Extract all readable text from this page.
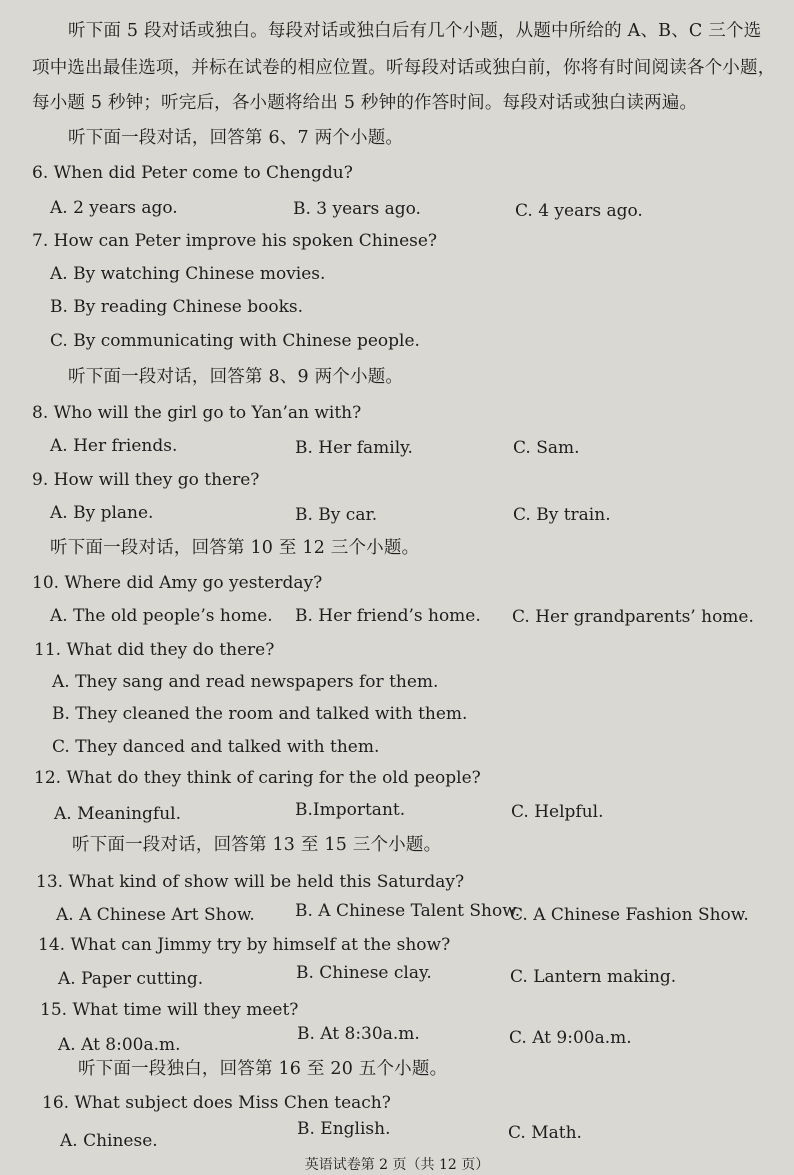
听下面 5 段对话或独白。每段对话或独白后有几个小题，从题中所给的 A、B、C 三个选
项中选出最佳选项，并标在试卷的相应位置。听每段对话或独白前，你将有时间阅读各个小题，
每小题 5 秒钟；听完后，各小题将给出 5 秒钟的作答时间。每段对话或独白读两遍。
听下面一段对话，回答第 6、7 两个小题。
6. When did Peter come to Chengdu?
A. 2 years ago.	B. 3 years ago.	C. 4 years ago.
7. How can Peter improve his spoken Chinese?
A. By watching Chinese movies.
B. By reading Chinese books.
C. By communicating with Chinese people.
听下面一段对话，回答第 8、9 两个小题。
8. Who will the girl go to Yan’an with?
A. Her friends.	B. Her family.	C. Sam.
9. How will they go there?
A. By plane.	B. By car.	C. By train.
听下面一段对话，回答第 10 至 12 三个小题。
10. Where did Amy go yesterday?
A. The old people’s home. B. Her friend’s home. C. Her grandparents’ home.
11. What did they do there?
A. They sang and read newspapers for them.
B. They cleaned the room and talked with them.
C. They danced and talked with them.
12. What do they think of caring for the old people?
A. Meaningful.	B.Important.	C. Helpful.
听下面一段对话，回答第 13 至 15 三个小题。
13. What kind of show will be held this Saturday?
A. A Chinese Art Show. B. A Chinese Talent Show.
C. A Chinese Fashion Show.
14. What can Jimmy try by himself at the show?
A. Paper cutting.	B. Chinese clay.	C. Lantern making.
15. What time will they meet?
A. At 8:00a.m.
B. At 8:30a.m.	C. At 9:00a.m.
听下面一段独白，回答第 16 至 20 五个小题。
16. What subject does Miss Chen teach?
A. Chinese.
B. English.	C. Math.
英语试卷第 2 页（共 12 页）
